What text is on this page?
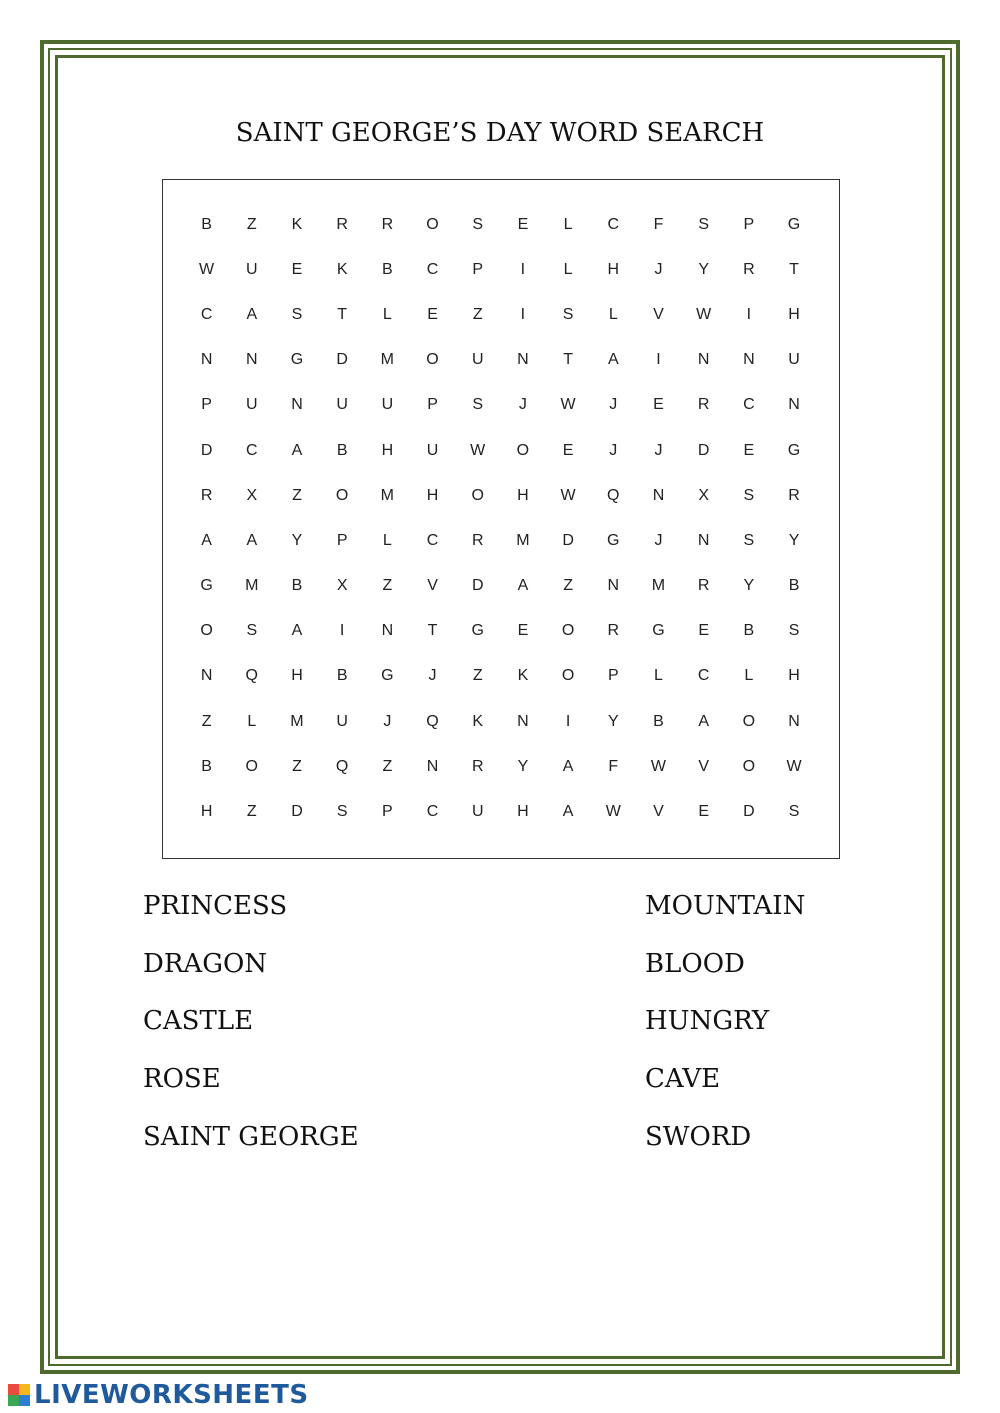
SAINT GEORGE’S DAY WORD SEARCH
B	Z	K	R	R	O	S	E	L	C	F	S	P	G
W	U	E	K	B	C	P	I	L	H	J	Y	R	T
C	A	S	T	L	E	Z	I	S	L	V	W	I	H
N	N	G	D	M	O	U	N	T	A	I	N	N	U
P	U	N	U	U	P	S	J	W	J	E	R	C	N
D	C	A	B	H	U	W	O	E	J	J	D	E	G
R	X	Z	O	M	H	O	H	W	Q	N	X	S	R
A	A	Y	P	L	C	R	M	D	G	J	N	S	Y
G	M	B	X	Z	V	D	A	Z	N	M	R	Y	B
O	S	A	I	N	T	G	E	O	R	G	E	B	S
N	Q	H	B	G	J	Z	K	O	P	L	C	L	H
Z	L	M	U	J	Q	K	N	I	Y	B	A	O	N
B	O	Z	Q	Z	N	R	Y	A	F	W	V	O	W
H	Z	D	S	P	C	U	H	A	W	V	E	D	S
PRINCESS
DRAGON
CASTLE
ROSE
SAINT GEORGE
MOUNTAIN
BLOOD
HUNGRY
CAVE
SWORD
LIVEWORKSHEETS
